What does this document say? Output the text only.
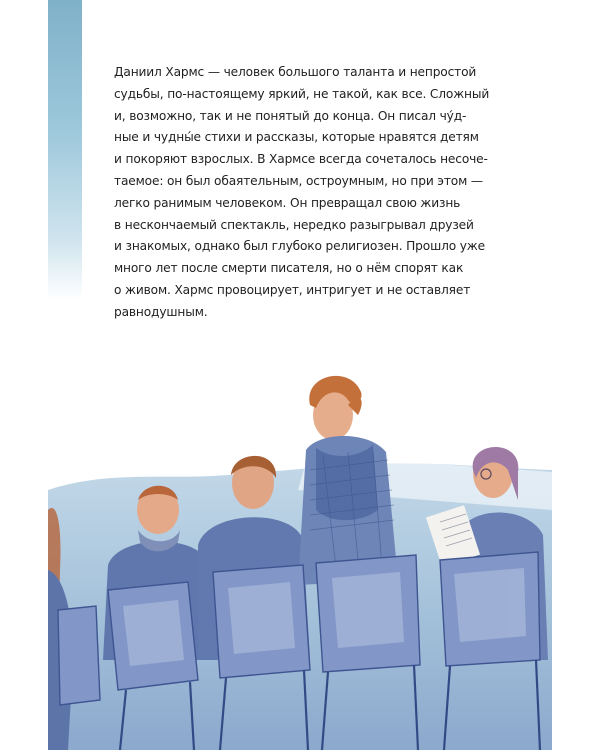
Даниил Хармс — человек большого таланта и непростой
судьбы, по-настоящему яркий, не такой, как все. Сложный
и, возможно, так и не понятый до конца. Он писал чу́д-
ные и чудны́е стихи и рассказы, которые нравятся детям
и покоряют взрослых. В Хармсе всегда сочеталось несоче-
таемое: он был обаятельным, остроумным, но при этом —
легко ранимым человеком. Он превращал свою жизнь
в нескончаемый спектакль, нередко разыгрывал друзей
и знакомых, однако был глубоко религиозен. Прошло уже
много лет после смерти писателя, но о нём спорят как
о живом. Хармс провоцирует, интригует и не оставляет
равнодушным.
